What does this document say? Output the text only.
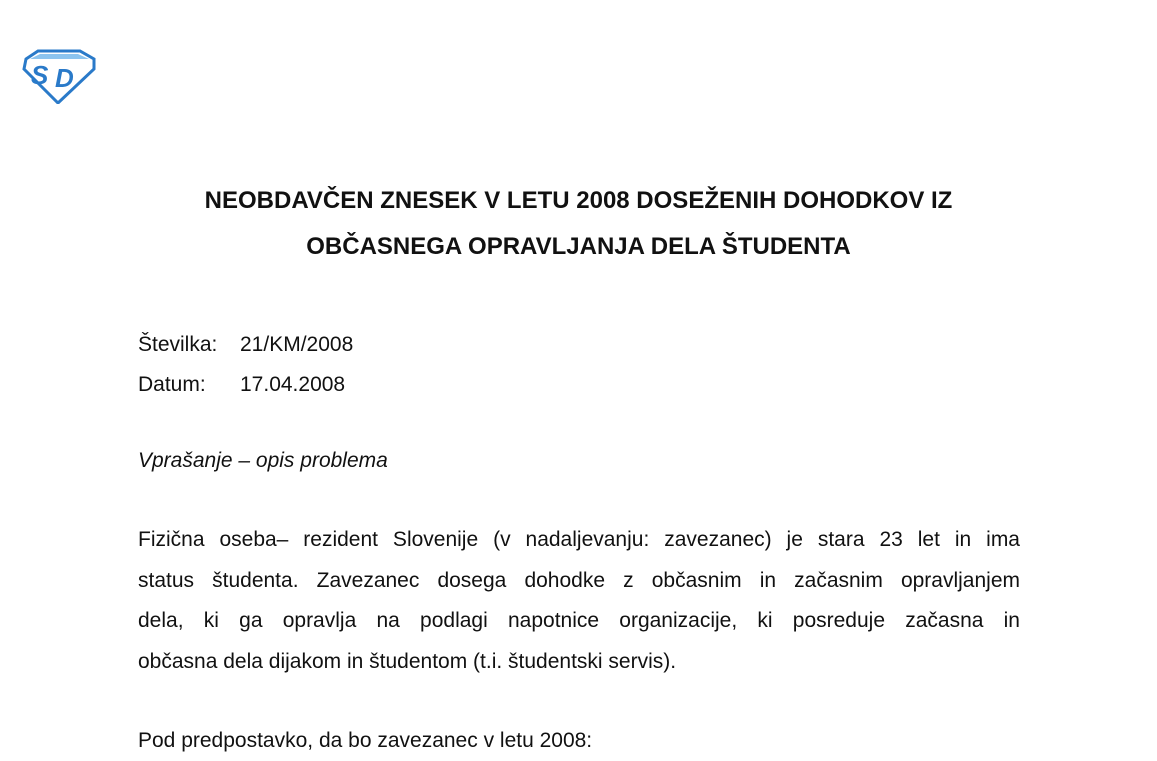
S D
NEOBDAVČEN ZNESEK V LETU 2008 DOSEŽENIH DOHODKOV IZ
OBČASNEGA OPRAVLJANJA DELA ŠTUDENTA
Številka:	21/KM/2008
Datum:	17.04.2008
Vprašanje – opis problema
Fizična oseba– rezident Slovenije (v nadaljevanju: zavezanec) je stara 23 let in ima
status študenta. Zavezanec dosega dohodke z občasnim in začasnim opravljanjem
dela, ki ga opravlja na podlagi napotnice organizacije, ki posreduje začasna in
občasna dela dijakom in študentom (t.i. študentski servis).
Pod predpostavko, da bo zavezanec v letu 2008:
